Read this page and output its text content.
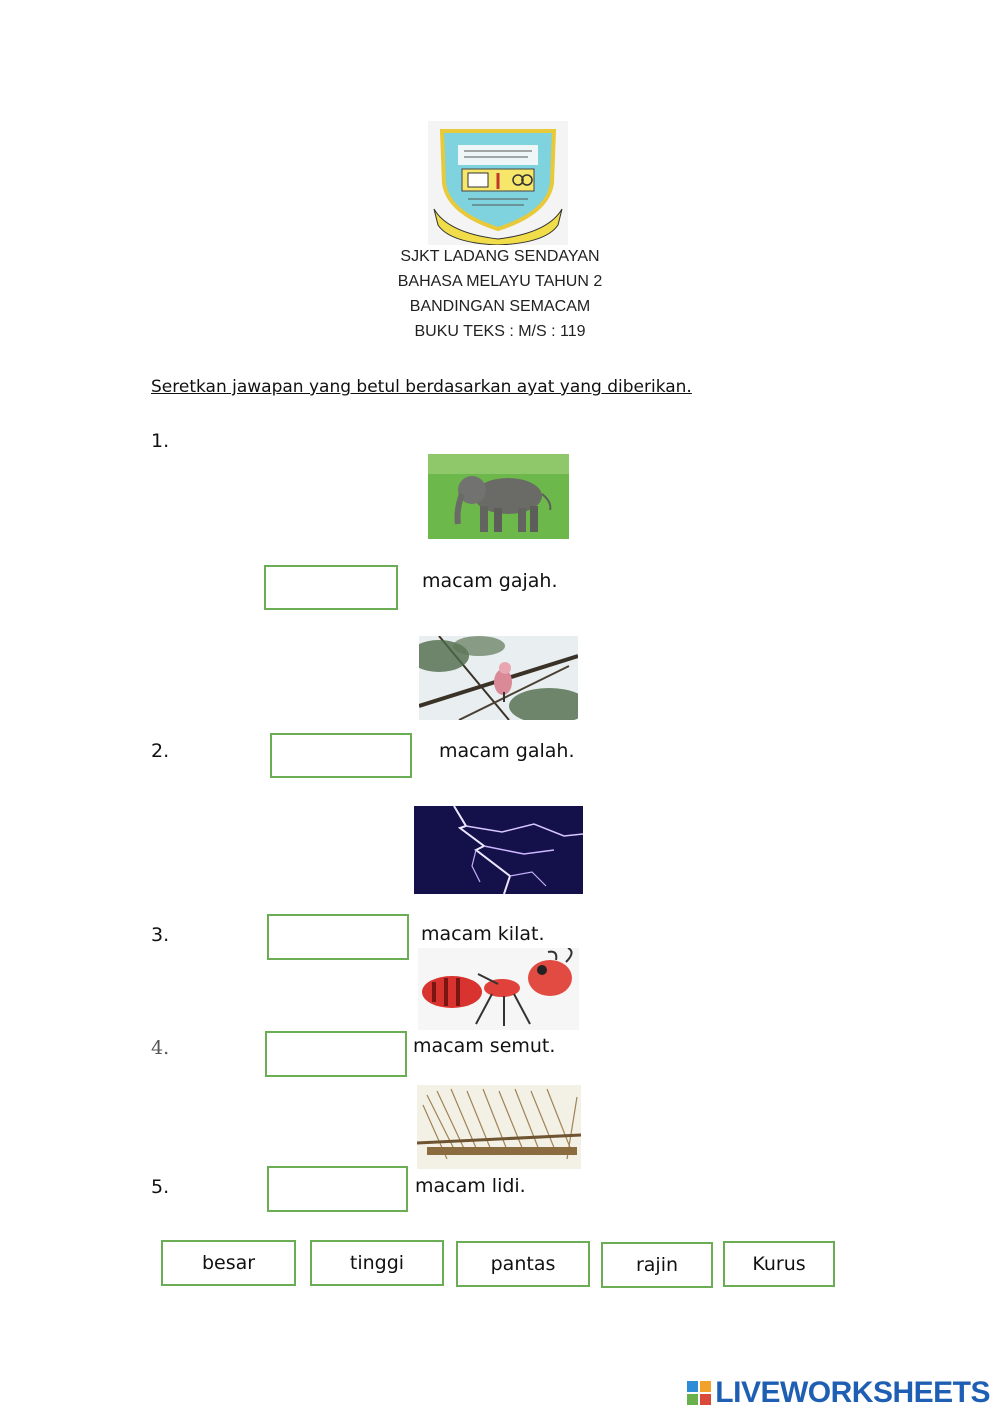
SJKT LADANG SENDAYAN
BAHASA MELAYU TAHUN 2
BANDINGAN SEMACAM
BUKU TEKS : M/S : 119
Seretkan jawapan yang betul berdasarkan ayat yang diberikan.
1.
macam gajah.
2.	macam galah.
3.	macam kilat.
4.	macam semut.
5.	macam lidi.
besar	tinggi	pantas	rajin	Kurus
LIVEWORKSHEETS
